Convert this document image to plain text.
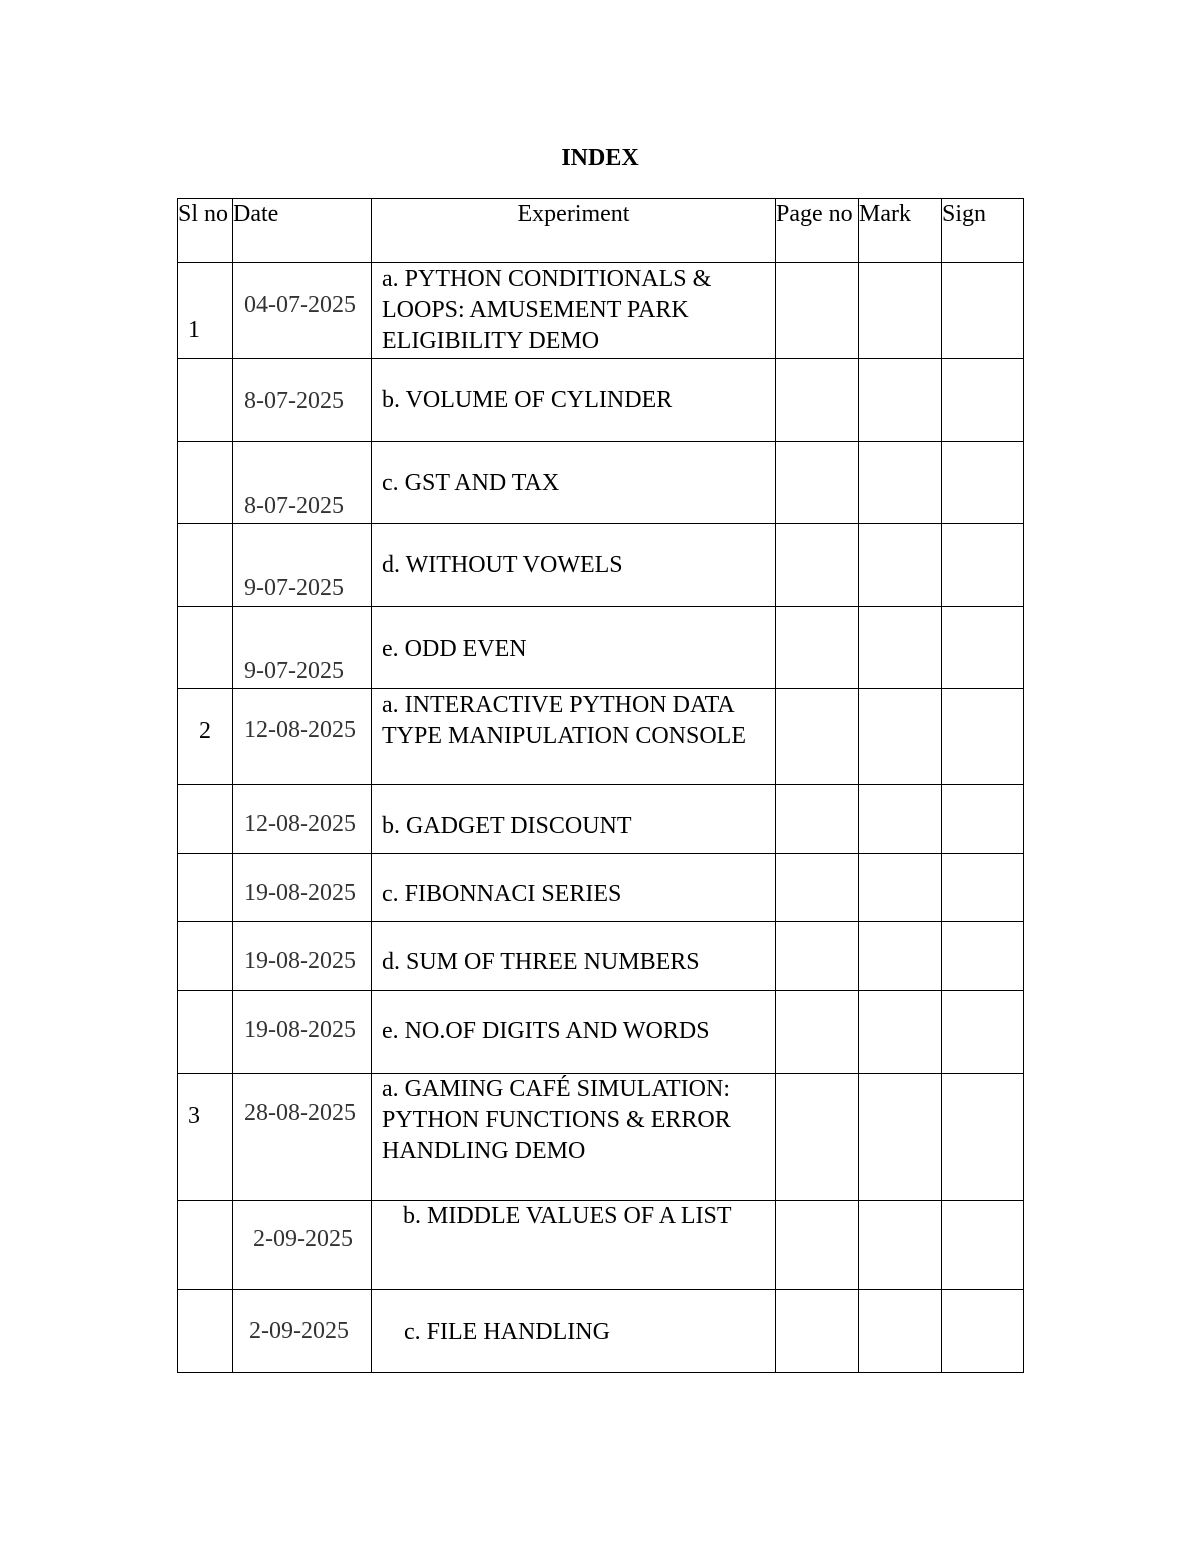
INDEX
Sl no	Date	Experiment	Page no	Mark	Sign
1	04-07-2025	a. PYTHON CONDITIONALS & LOOPS: AMUSEMENT PARK ELIGIBILITY DEMO			
	8-07-2025	b. VOLUME OF CYLINDER			
	8-07-2025	c. GST AND TAX			
	9-07-2025	d. WITHOUT VOWELS			
	9-07-2025	e. ODD EVEN			
2	12-08-2025	a. INTERACTIVE PYTHON DATA TYPE MANIPULATION CONSOLE			
	12-08-2025	b. GADGET DISCOUNT			
	19-08-2025	c. FIBONNACI SERIES			
	19-08-2025	d. SUM OF THREE NUMBERS			
	19-08-2025	e. NO.OF DIGITS AND WORDS			
3	28-08-2025	a. GAMING CAFÉ SIMULATION: PYTHON FUNCTIONS & ERROR HANDLING DEMO			
	2-09-2025	b. MIDDLE VALUES OF A LIST			
	2-09-2025	c. FILE HANDLING			
